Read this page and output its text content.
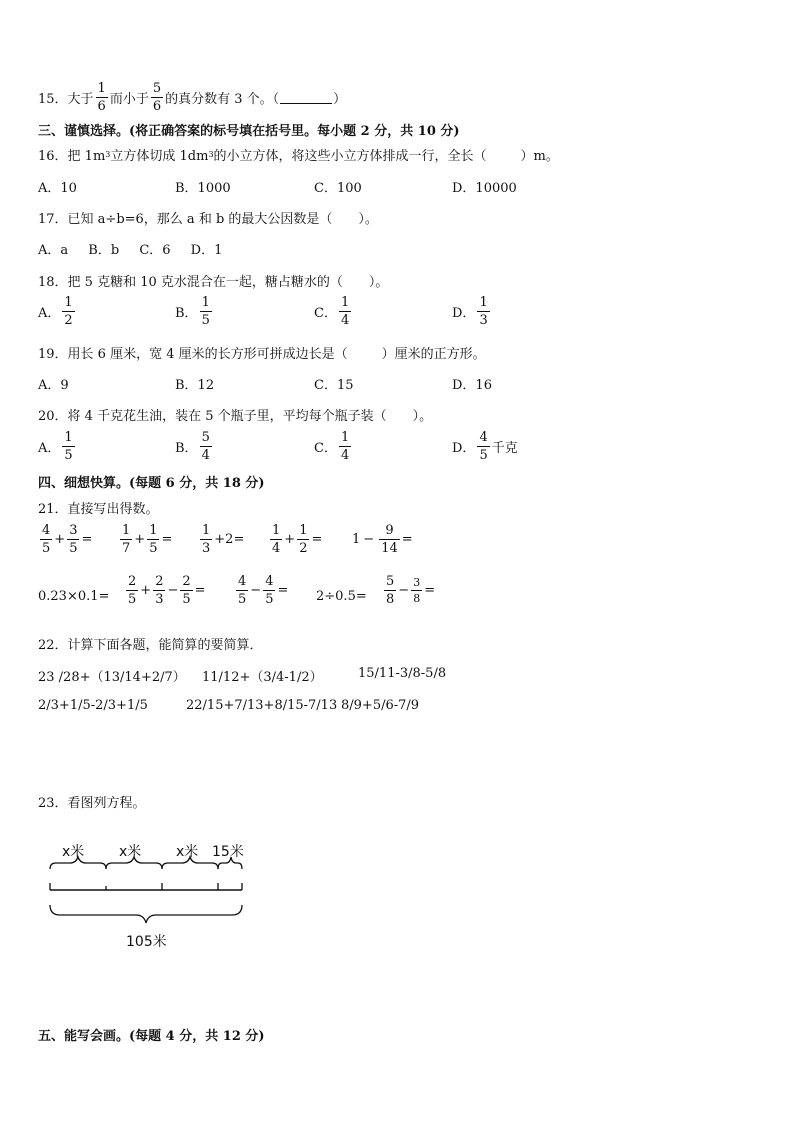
15．大于 $\frac{1}{6}$ 而小于 $\frac{5}{6}$ 的真分数有 3 个。（	）
三、谨慎选择。(将正确答案的标号填在括号里。每小题 2 分，共 10 分)
16．把 1m 3 立方体切成 1dm 3 的小立方体，将这些小立方体排成一行，全长（	）m。
A．10	B．1000	C．100	D．10000
17．已知 a÷b=6，那么 a 和 b 的最大公因数是（ ）。
A．a B．b C．6 D．1
18．把 5 克糖和 10 克水混合在一起，糖占糖水的（ ）。
A． $\frac{1}{2}$	B． $\frac{1}{5}$	C． $\frac{1}{4}$	D． $\frac{1}{3}$
19．用长 6 厘米，宽 4 厘米的长方形可拼成边长是（	）厘米的正方形。
A．9	B．12	C．15	D．16
20．将 4 千克花生油，装在 5 个瓶子里，平均每个瓶子装（ ）。
A． $\frac{1}{5}$	B． $\frac{5}{4}$	C． $\frac{1}{4}$	D． $\frac{4}{5}$ 千克
四、细想快算。(每题 6 分，共 18 分)
21．直接写出得数。
$\frac{4}{5} + \frac{3}{5} = \frac{1}{7} + \frac{1}{5} = \frac{1}{3} +2 = \frac{1}{4} + \frac{1}{2} = 1 - \frac{9}{14}$ =
$0.23\times 0.1= \frac{2}{5} + \frac{2}{3} - \frac{2}{5} = \frac{4}{5} - \frac{4}{5} = 2\div 0.5= \frac{5}{8} - \frac{3}{8}$ =
22．计算下面各题，能简算的要简算．
23 /28+（13/14+2/7） 11/12+（3/4-1/2）	15/11-3/8-5/8
2/3+1/5-2/3+1/5	22/15+7/13+8/15-7/13 8/9+5/6-7/9
23．看图列方程。
x米 x米 x米 15米
105米
五、能写会画。(每题 4 分，共 12 分)
